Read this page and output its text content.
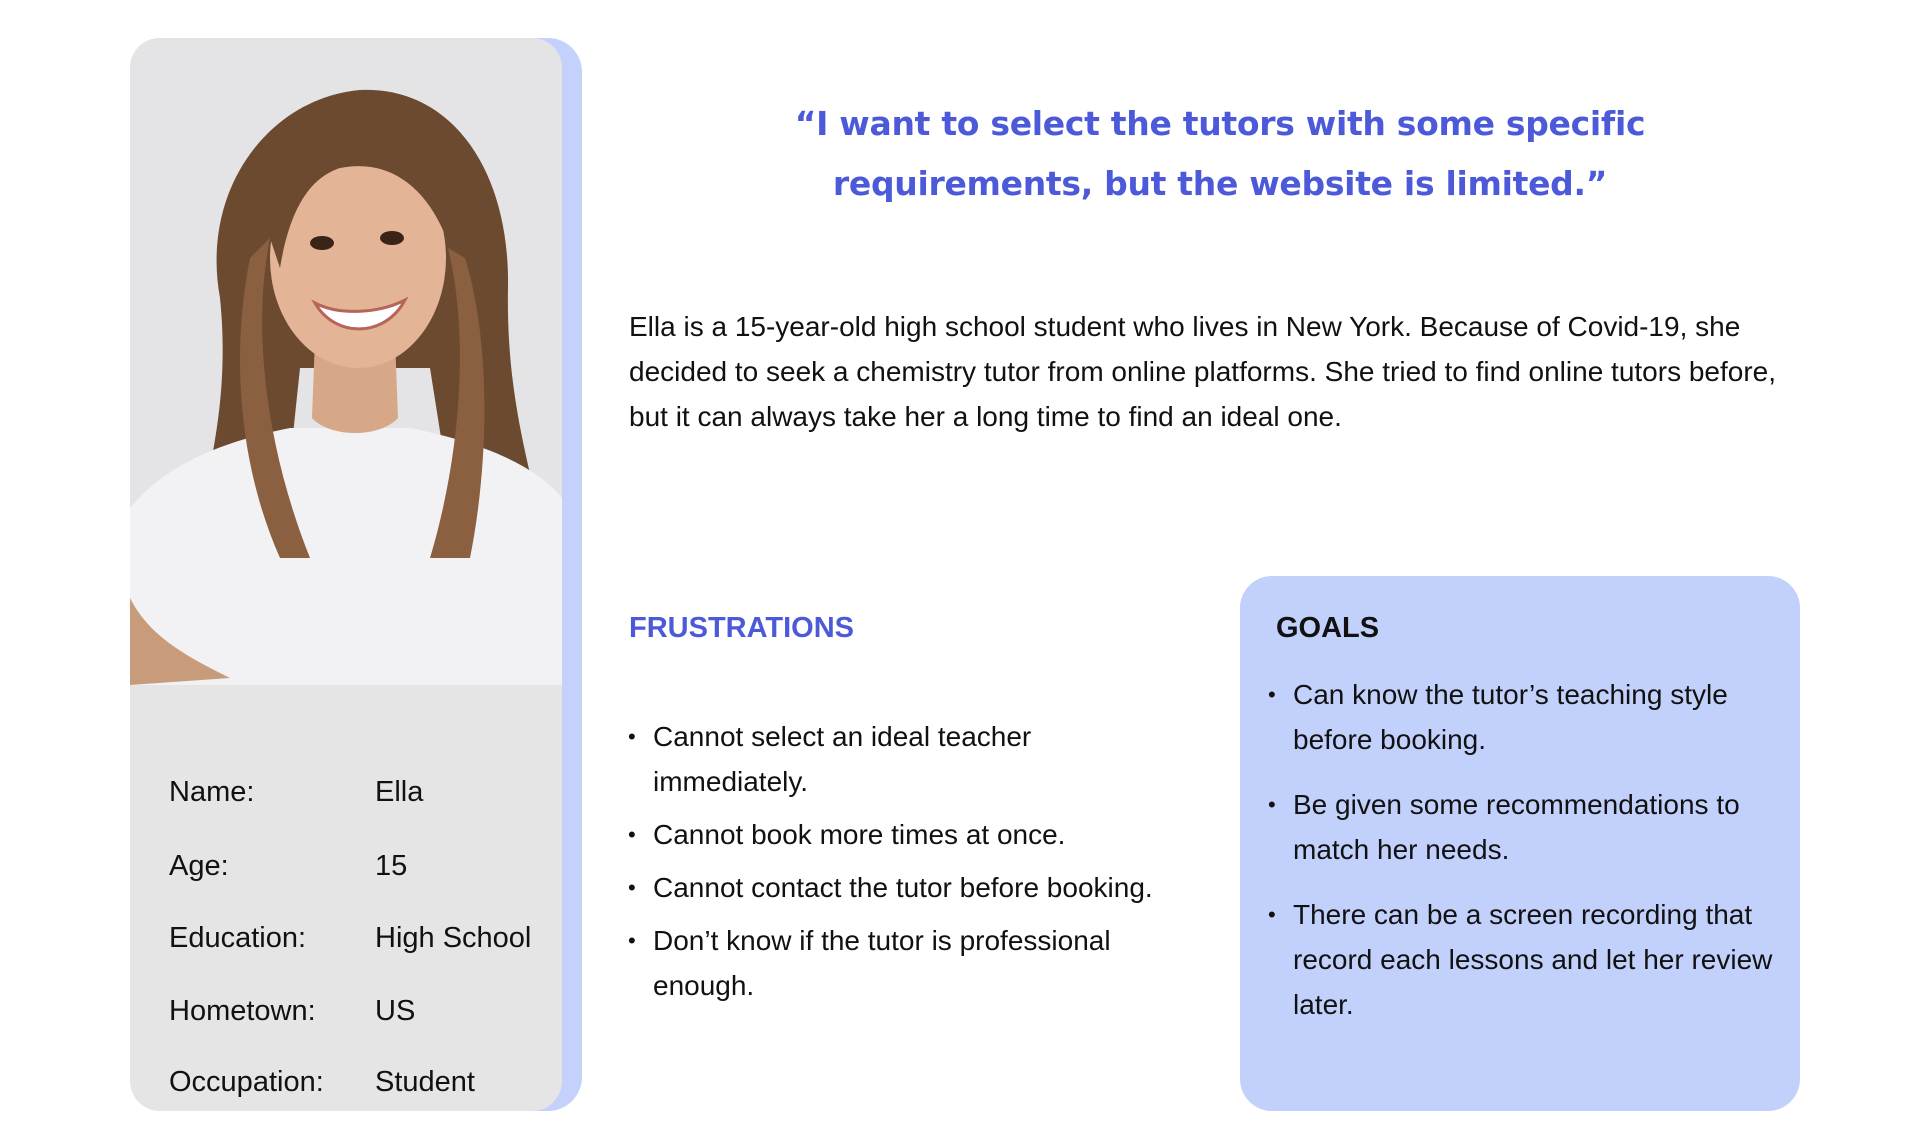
Name:	Ella
Age:	15
Education: High School
Hometown: US
Occupation: Student
“I want to select the tutors with some specific
requirements, but the website is limited.”
Ella is a 15-year-old high school student who lives in New York. Because of Covid-19, she decided to seek a chemistry tutor from online platforms. She tried to find online tutors before, but it can always take her a long time to find an ideal one.
FRUSTRATIONS
• Cannot select an ideal teacher immediately.
• Cannot book more times at once.
• Cannot contact the tutor before booking.
• Don’t know if the tutor is professional enough.
GOALS
• Can know the tutor’s teaching style before booking.
• Be given some recommendations to match her needs.
• There can be a screen recording that record each lessons and let her review later.
